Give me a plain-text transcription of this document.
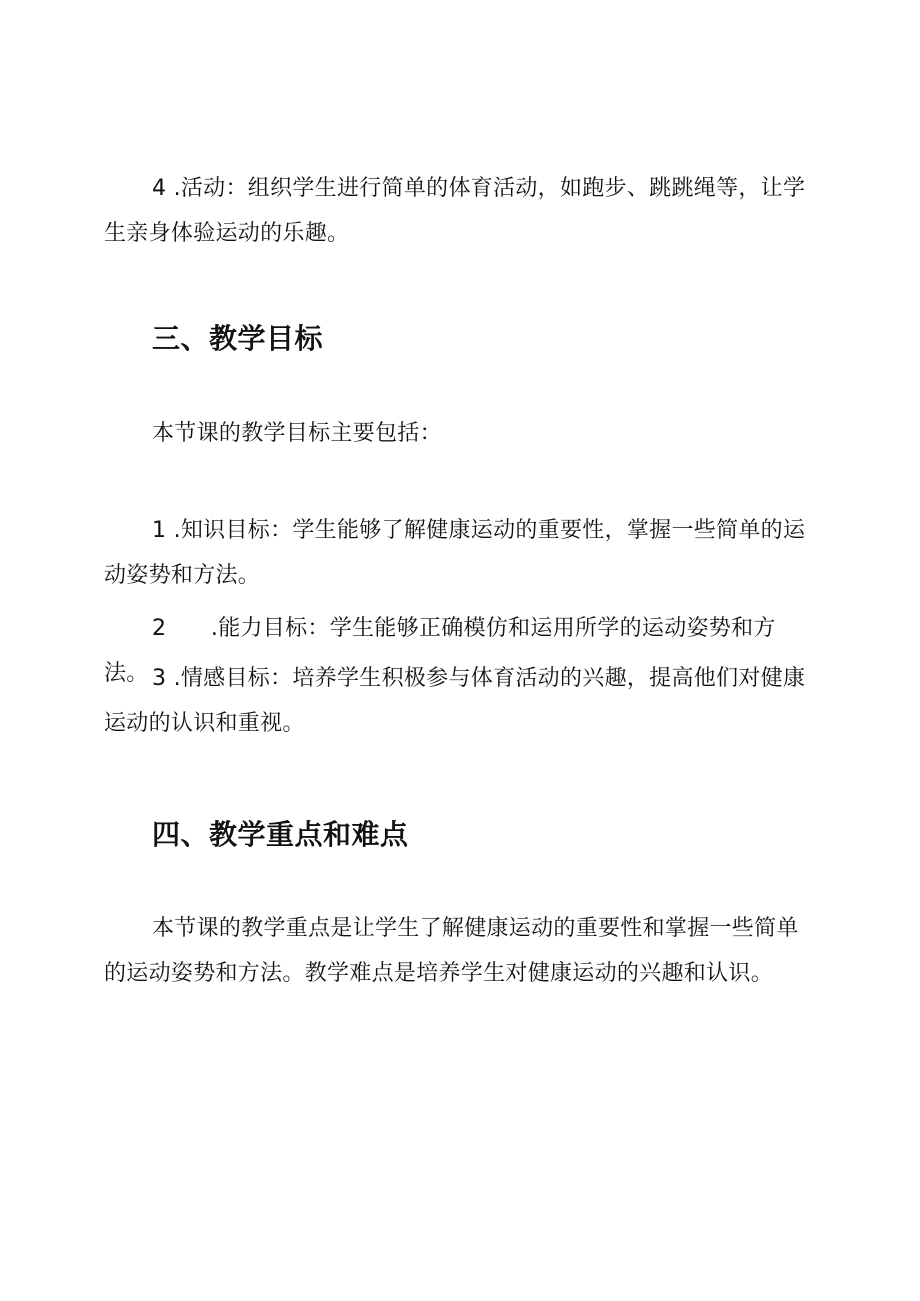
4 .活动：组织学生进行简单的体育活动，如跑步、跳跳绳等，让学生亲身体验运动的乐趣。

三、教学目标

本节课的教学目标主要包括：

1 .知识目标：学生能够了解健康运动的重要性，掌握一些简单的运动姿势和方法。

2　　.能力目标：学生能够正确模仿和运用所学的运动姿势和方法。 3 .情感目标：培养学生积极参与体育活动的兴趣，提高他们对健康运动的认识和重视。

四、教学重点和难点

本节课的教学重点是让学生了解健康运动的重要性和掌握一些简单的运动姿势和方法。教学难点是培养学生对健康运动的兴趣和认识。
